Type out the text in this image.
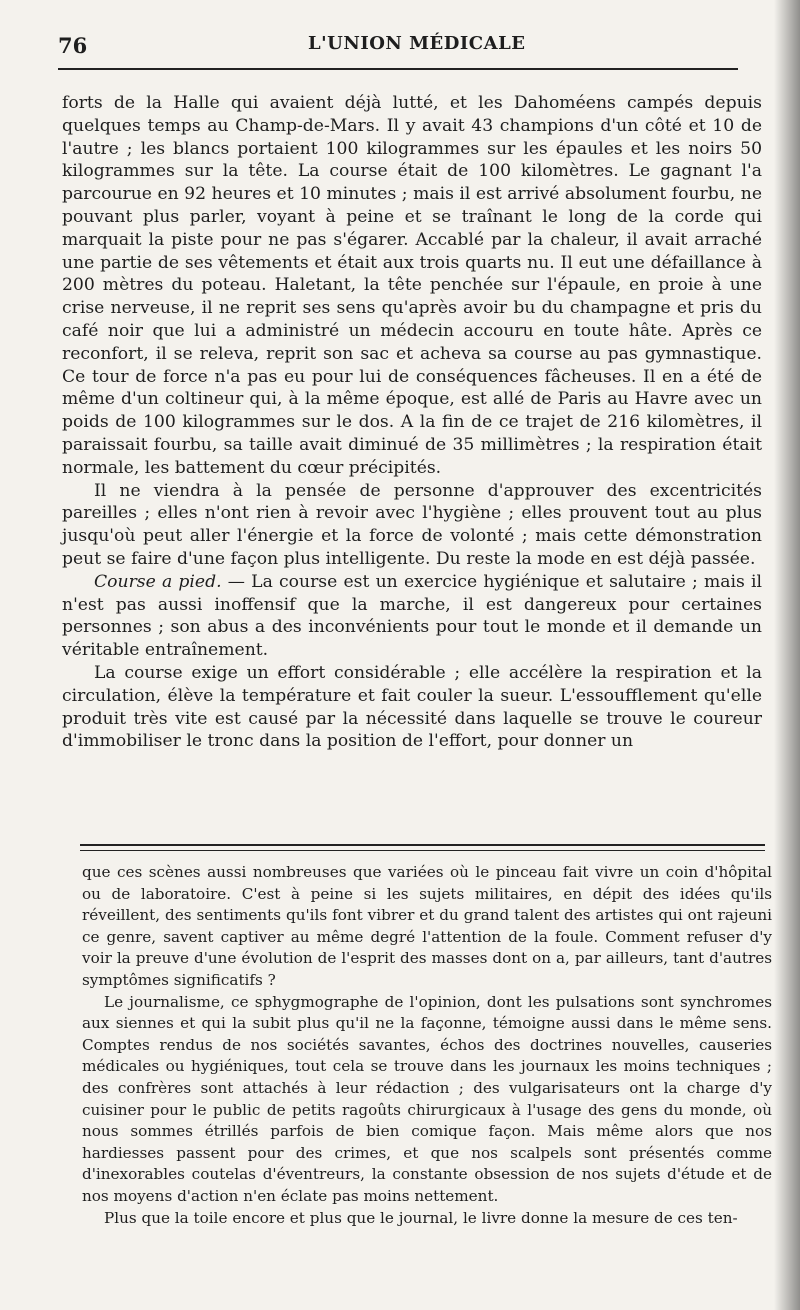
76	L'UNION MÉDICALE

forts de la Halle qui avaient déjà lutté, et les Dahoméens campés depuis quelques temps au Champ-de-Mars. Il y avait 43 champions d'un côté et 10 de l'autre ; les blancs portaient 100 kilogrammes sur les épaules et les noirs 50 kilogrammes sur la tête. La course était de 100 kilomètres. Le gagnant l'a parcourue en 92 heures et 10 minutes ; mais il est arrivé absolument fourbu, ne pouvant plus parler, voyant à peine et se traînant le long de la corde qui marquait la piste pour ne pas s'égarer. Accablé par la chaleur, il avait arraché une partie de ses vêtements et était aux trois quarts nu. Il eut une défaillance à 200 mètres du poteau. Haletant, la tête penchée sur l'épaule, en proie à une crise nerveuse, il ne reprit ses sens qu'après avoir bu du champagne et pris du café noir que lui a administré un médecin accouru en toute hâte. Après ce reconfort, il se releva, reprit son sac et acheva sa course au pas gymnastique. Ce tour de force n'a pas eu pour lui de conséquences fâcheuses. Il en a été de même d'un coltineur qui, à la même époque, est allé de Paris au Havre avec un poids de 100 kilogrammes sur le dos. A la fin de ce trajet de 216 kilomètres, il paraissait fourbu, sa taille avait diminué de 35 millimètres ; la respiration était normale, les battement du cœur précipités.

Il ne viendra à la pensée de personne d'approuver des excentricités pareilles ; elles n'ont rien à revoir avec l'hygiène ; elles prouvent tout au plus jusqu'où peut aller l'énergie et la force de volonté ; mais cette démonstration peut se faire d'une façon plus intelligente. Du reste la mode en est déjà passée.

Course a pied. — La course est un exercice hygiénique et salutaire ; mais il n'est pas aussi inoffensif que la marche, il est dangereux pour certaines personnes ; son abus a des inconvénients pour tout le monde et il demande un véritable entraînement.

La course exige un effort considérable ; elle accélère la respiration et la circulation, élève la température et fait couler la sueur. L'essoufflement qu'elle produit très vite est causé par la nécessité dans laquelle se trouve le coureur d'immobiliser le tronc dans la position de l'effort, pour donner un

que ces scènes aussi nombreuses que variées où le pinceau fait vivre un coin d'hôpital ou de laboratoire. C'est à peine si les sujets militaires, en dépit des idées qu'ils réveillent, des sentiments qu'ils font vibrer et du grand talent des artistes qui ont rajeuni ce genre, savent captiver au même degré l'attention de la foule. Comment refuser d'y voir la preuve d'une évolution de l'esprit des masses dont on a, par ailleurs, tant d'autres symptômes significatifs ?

Le journalisme, ce sphygmographe de l'opinion, dont les pulsations sont synchromes aux siennes et qui la subit plus qu'il ne la façonne, témoigne aussi dans le même sens. Comptes rendus de nos sociétés savantes, échos des doctrines nouvelles, causeries médicales ou hygiéniques, tout cela se trouve dans les journaux les moins techniques ; des confrères sont attachés à leur rédaction ; des vulgarisateurs ont la charge d'y cuisiner pour le public de petits ragoûts chirurgicaux à l'usage des gens du monde, où nous sommes étrillés parfois de bien comique façon. Mais même alors que nos hardiesses passent pour des crimes, et que nos scalpels sont présentés comme d'inexorables coutelas d'éventreurs, la constante obsession de nos sujets d'étude et de nos moyens d'action n'en éclate pas moins nettement.

Plus que la toile encore et plus que le journal, le livre donne la mesure de ces ten-
